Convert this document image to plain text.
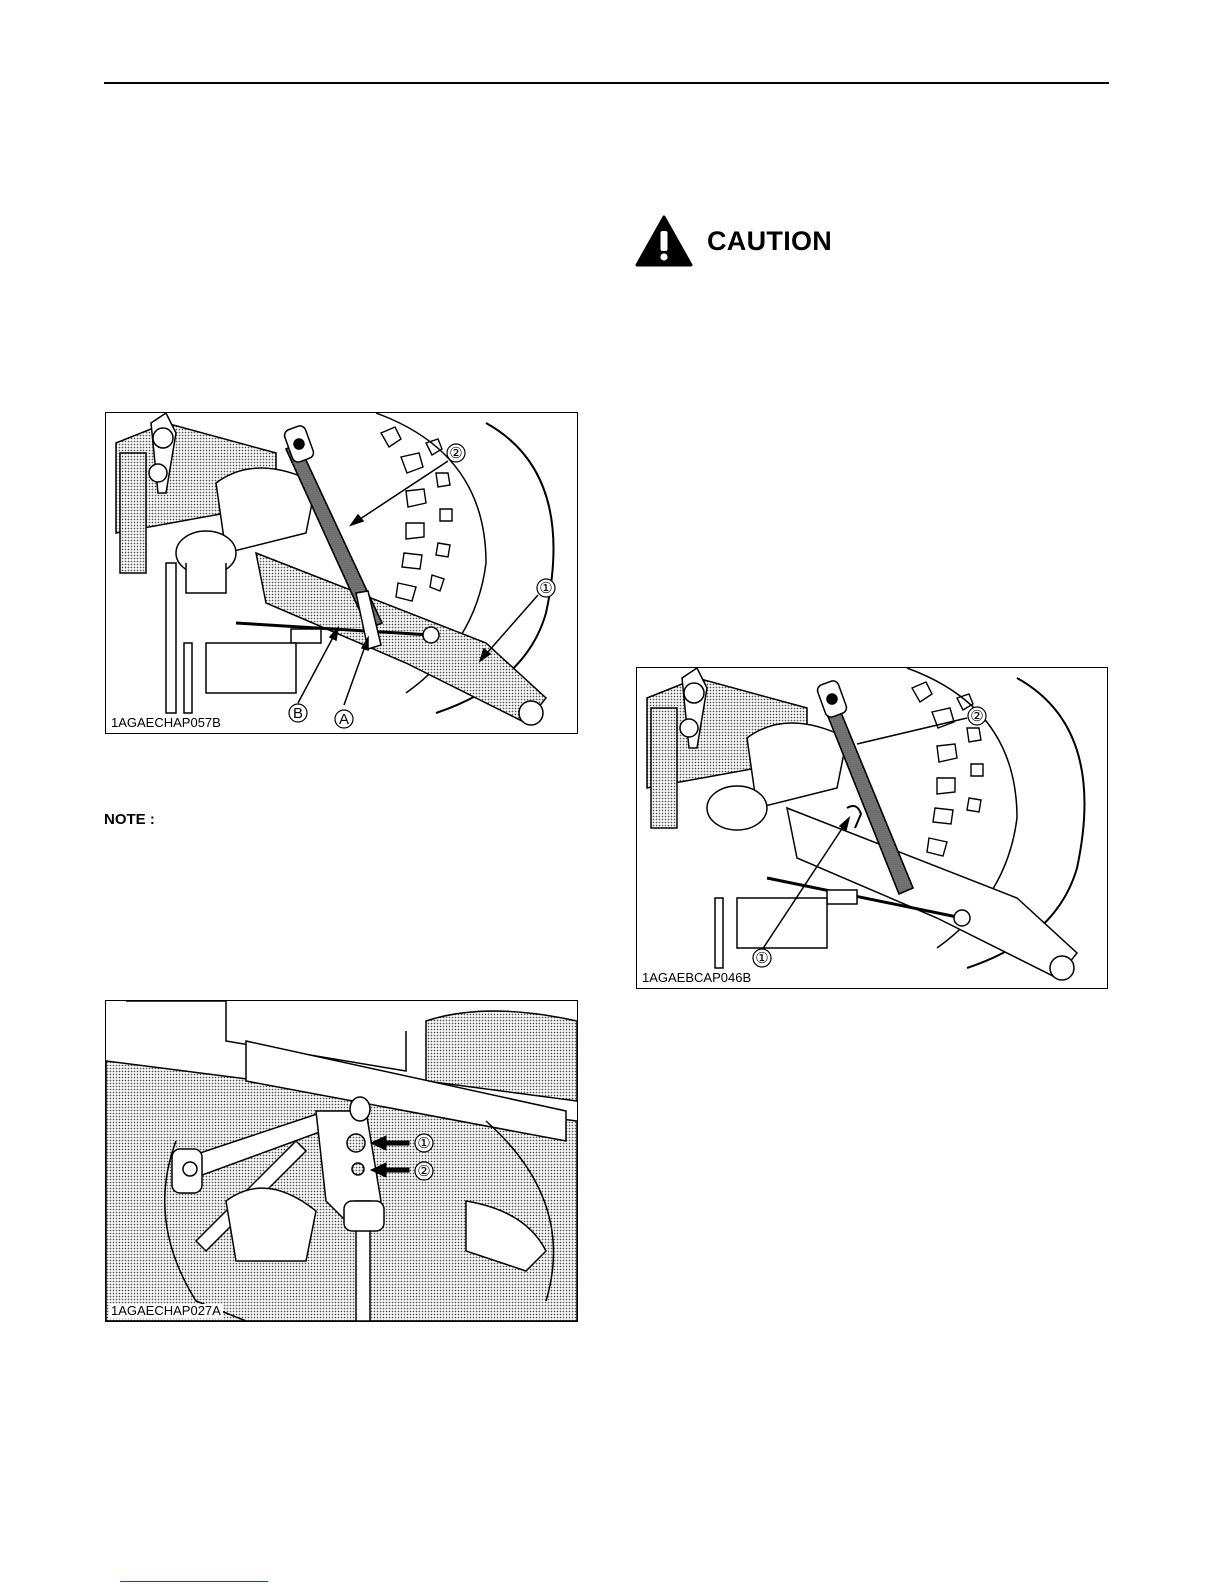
CAUTION
NOTE :
②
①
B A
1AGAECHAP057B
①
②
1AGAECHAP027A
②
①
1AGAEBCAP046B
